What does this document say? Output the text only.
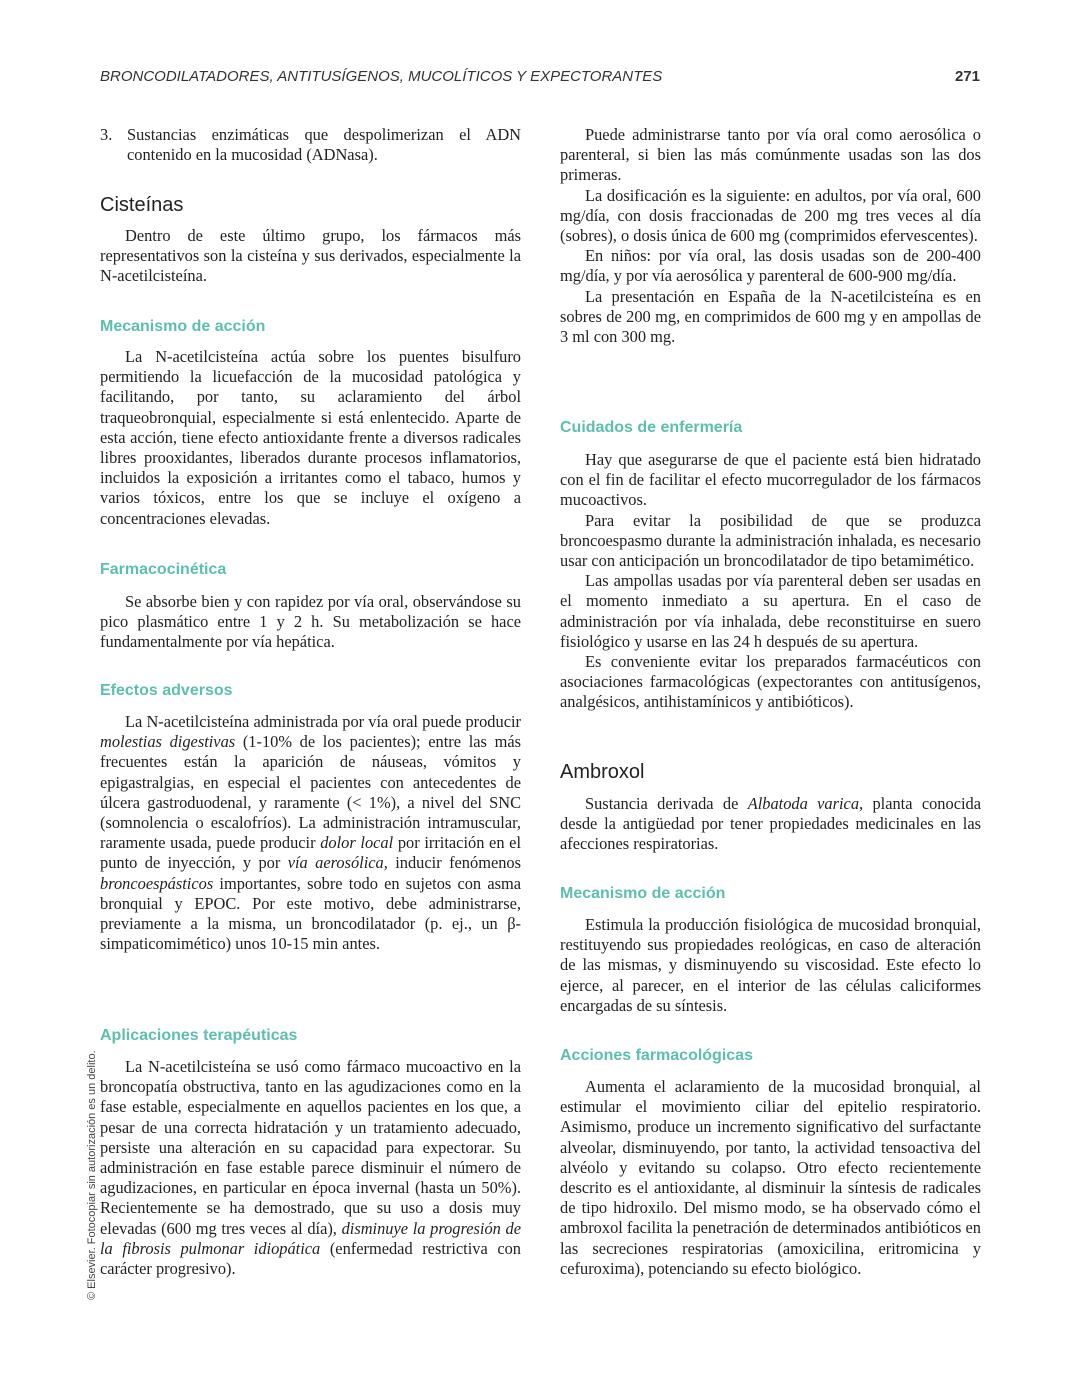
BRONCODILATADORES, ANTITUSÍGENOS, MUCOLÍTICOS Y EXPECTORANTES	271
© Elsevier. Fotocopiar sin autorización es un delito.
3. Sustancias enzimáticas que despolimerizan el ADN contenido en la mucosidad (ADNasa).
Cisteínas

Dentro de este último grupo, los fármacos más representativos son la cisteína y sus derivados, especialmente la N-acetilcisteína.

Mecanismo de acción

La N-acetilcisteína actúa sobre los puentes bisulfuro permitiendo la licuefacción de la mucosidad patológica y facilitando, por tanto, su aclaramiento del árbol traqueobronquial, especialmente si está enlentecido. Aparte de esta acción, tiene efecto antioxidante frente a diversos radicales libres prooxidantes, liberados durante procesos inflamatorios, incluidos la exposición a irritantes como el tabaco, humos y varios tóxicos, entre los que se incluye el oxígeno a concentraciones elevadas.

Farmacocinética

Se absorbe bien y con rapidez por vía oral, observándose su pico plasmático entre 1 y 2 h. Su metabolización se hace fundamentalmente por vía hepática.

Efectos adversos

La N-acetilcisteína administrada por vía oral puede producir molestias digestivas (1-10% de los pacientes); entre las más frecuentes están la aparición de náuseas, vómitos y epigastralgias, en especial el pacientes con antecedentes de úlcera gastroduodenal, y raramente (< 1%), a nivel del SNC (somnolencia o escalofríos). La administración intramuscular, raramente usada, puede producir dolor local por irritación en el punto de inyección, y por vía aerosólica, inducir fenómenos broncoespásticos importantes, sobre todo en sujetos con asma bronquial y EPOC. Por este motivo, debe administrarse, previamente a la misma, un broncodilatador (p. ej., un β-simpaticomimético) unos 10-15 min antes.

Aplicaciones terapéuticas

La N-acetilcisteína se usó como fármaco mucoactivo en la broncopatía obstructiva, tanto en las agudizaciones como en la fase estable, especialmente en aquellos pacientes en los que, a pesar de una correcta hidratación y un tratamiento adecuado, persiste una alteración en su capacidad para expectorar. Su administración en fase estable parece disminuir el número de agudizaciones, en particular en época invernal (hasta un 50%). Recientemente se ha demostrado, que su uso a dosis muy elevadas (600 mg tres veces al día), disminuye la progresión de la fibrosis pulmonar idiopática (enfermedad restrictiva con carácter progresivo).

Puede administrarse tanto por vía oral como aerosólica o parenteral, si bien las más comúnmente usadas son las dos primeras.

La dosificación es la siguiente: en adultos, por vía oral, 600 mg/día, con dosis fraccionadas de 200 mg tres veces al día (sobres), o dosis única de 600 mg (comprimidos efervescentes).

En niños: por vía oral, las dosis usadas son de 200-400 mg/día, y por vía aerosólica y parenteral de 600-900 mg/día.

La presentación en España de la N-acetilcisteína es en sobres de 200 mg, en comprimidos de 600 mg y en ampollas de 3 ml con 300 mg.

Cuidados de enfermería

Hay que asegurarse de que el paciente está bien hidratado con el fin de facilitar el efecto mucorregulador de los fármacos mucoactivos.

Para evitar la posibilidad de que se produzca broncoespasmo durante la administración inhalada, es necesario usar con anticipación un broncodilatador de tipo betamimético.

Las ampollas usadas por vía parenteral deben ser usadas en el momento inmediato a su apertura. En el caso de administración por vía inhalada, debe reconstituirse en suero fisiológico y usarse en las 24 h después de su apertura.

Es conveniente evitar los preparados farmacéuticos con asociaciones farmacológicas (expectorantes con antitusígenos, analgésicos, antihistamínicos y antibióticos).

Ambroxol

Sustancia derivada de Albatoda varica, planta conocida desde la antigüedad por tener propiedades medicinales en las afecciones respiratorias.

Mecanismo de acción

Estimula la producción fisiológica de mucosidad bronquial, restituyendo sus propiedades reológicas, en caso de alteración de las mismas, y disminuyendo su viscosidad. Este efecto lo ejerce, al parecer, en el interior de las células caliciformes encargadas de su síntesis.

Acciones farmacológicas

Aumenta el aclaramiento de la mucosidad bronquial, al estimular el movimiento ciliar del epitelio respiratorio. Asimismo, produce un incremento significativo del surfactante alveolar, disminuyendo, por tanto, la actividad tensoactiva del alvéolo y evitando su colapso. Otro efecto recientemente descrito es el antioxidante, al disminuir la síntesis de radicales de tipo hidroxilo. Del mismo modo, se ha observado cómo el ambroxol facilita la penetración de determinados antibióticos en las secreciones respiratorias (amoxicilina, eritromicina y cefuroxima), potenciando su efecto biológico.
